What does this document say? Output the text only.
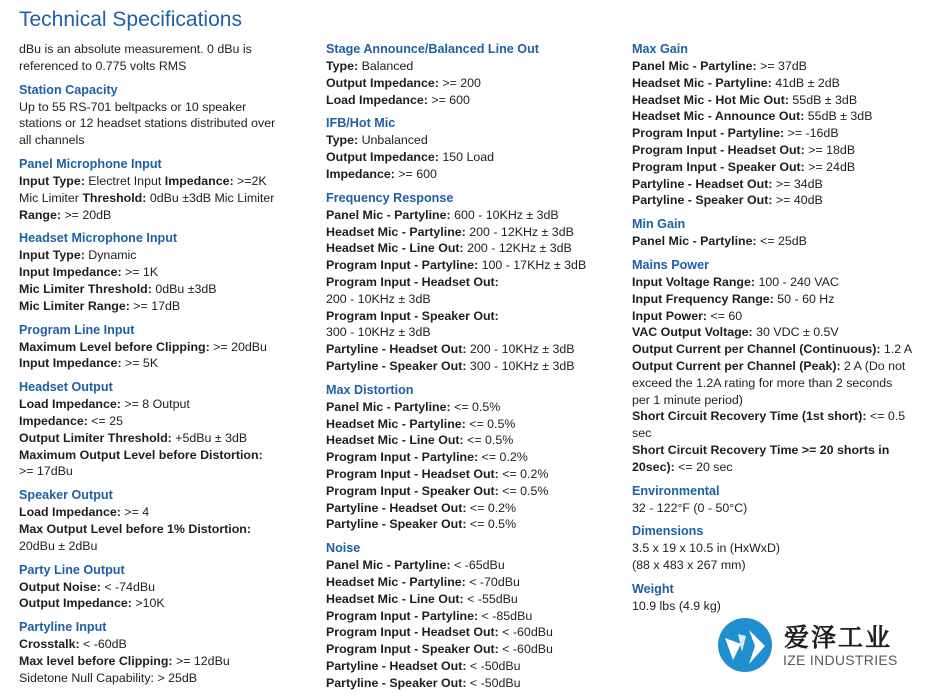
Technical Specifications
dBu is an absolute measurement. 0 dBu is
referenced to 0.775 volts RMS
Station Capacity
Up to 55 RS-701 beltpacks or 10 speaker
stations or 12 headset stations distributed over
all channels
Panel Microphone Input
Input Type: Electret Input Impedance: >=2K
Mic Limiter Threshold: 0dBu ±3dB Mic Limiter
Range: >= 20dB
Headset Microphone Input
Input Type: Dynamic
Input Impedance: >= 1K
Mic Limiter Threshold: 0dBu ±3dB
Mic Limiter Range: >= 17dB
Program Line Input
Maximum Level before Clipping: >= 20dBu
Input Impedance: >= 5K
Headset Output
Load Impedance: >= 8 Output
Impedance: <= 25
Output Limiter Threshold: +5dBu ± 3dB
Maximum Output Level before Distortion:
>= 17dBu
Speaker Output
Load Impedance: >= 4
Max Output Level before 1% Distortion:
20dBu ± 2dBu
Party Line Output
Output Noise: < -74dBu
Output Impedance: >10K
Partyline Input
Crosstalk: < -60dB
Max level before Clipping: >= 12dBu
Sidetone Null Capability: > 25dB
Stage Announce/Balanced Line Out
Type: Balanced
Output Impedance: >= 200
Load Impedance: >= 600
IFB/Hot Mic
Type: Unbalanced
Output Impedance: 150 Load
Impedance: >= 600
Frequency Response
Panel Mic - Partyline: 600 - 10KHz ± 3dB
Headset Mic - Partyline: 200 - 12KHz ± 3dB
Headset Mic - Line Out: 200 - 12KHz ± 3dB
Program Input - Partyline: 100 - 17KHz ± 3dB
Program Input - Headset Out:
200 - 10KHz ± 3dB
Program Input - Speaker Out:
300 - 10KHz ± 3dB
Partyline - Headset Out: 200 - 10KHz ± 3dB
Partyline - Speaker Out: 300 - 10KHz ± 3dB
Max Distortion
Panel Mic - Partyline: <= 0.5%
Headset Mic - Partyline: <= 0.5%
Headset Mic - Line Out: <= 0.5%
Program Input - Partyline: <= 0.2%
Program Input - Headset Out: <= 0.2%
Program Input - Speaker Out: <= 0.5%
Partyline - Headset Out: <= 0.2%
Partyline - Speaker Out: <= 0.5%
Noise
Panel Mic - Partyline: < -65dBu
Headset Mic - Partyline: < -70dBu
Headset Mic - Line Out: < -55dBu
Program Input - Partyline: < -85dBu
Program Input - Headset Out: < -60dBu
Program Input - Speaker Out: < -60dBu
Partyline - Headset Out: < -50dBu
Partyline - Speaker Out: < -50dBu
Max Gain
Panel Mic - Partyline: >= 37dB
Headset Mic - Partyline: 41dB ± 2dB
Headset Mic - Hot Mic Out: 55dB ± 3dB
Headset Mic - Announce Out: 55dB ± 3dB
Program Input - Partyline: >= -16dB
Program Input - Headset Out: >= 18dB
Program Input - Speaker Out: >= 24dB
Partyline - Headset Out: >= 34dB
Partyline - Speaker Out: >= 40dB
Min Gain
Panel Mic - Partyline: <= 25dB
Mains Power
Input Voltage Range: 100 - 240 VAC
Input Frequency Range: 50 - 60 Hz
Input Power: <= 60
VAC Output Voltage: 30 VDC ± 0.5V
Output Current per Channel (Continuous): 1.2 A
Output Current per Channel (Peak): 2 A (Do not
exceed the 1.2A rating for more than 2 seconds
per 1 minute period)
Short Circuit Recovery Time (1st short): <= 0.5
sec
Short Circuit Recovery Time >= 20 shorts in
20sec): <= 20 sec
Environmental
32 - 122°F (0 - 50°C)
Dimensions
3.5 x 19 x 10.5 in (HxWxD)
(88 x 483 x 267 mm)
Weight
10.9 lbs (4.9 kg)
爱泽工业
IZE INDUSTRIES
